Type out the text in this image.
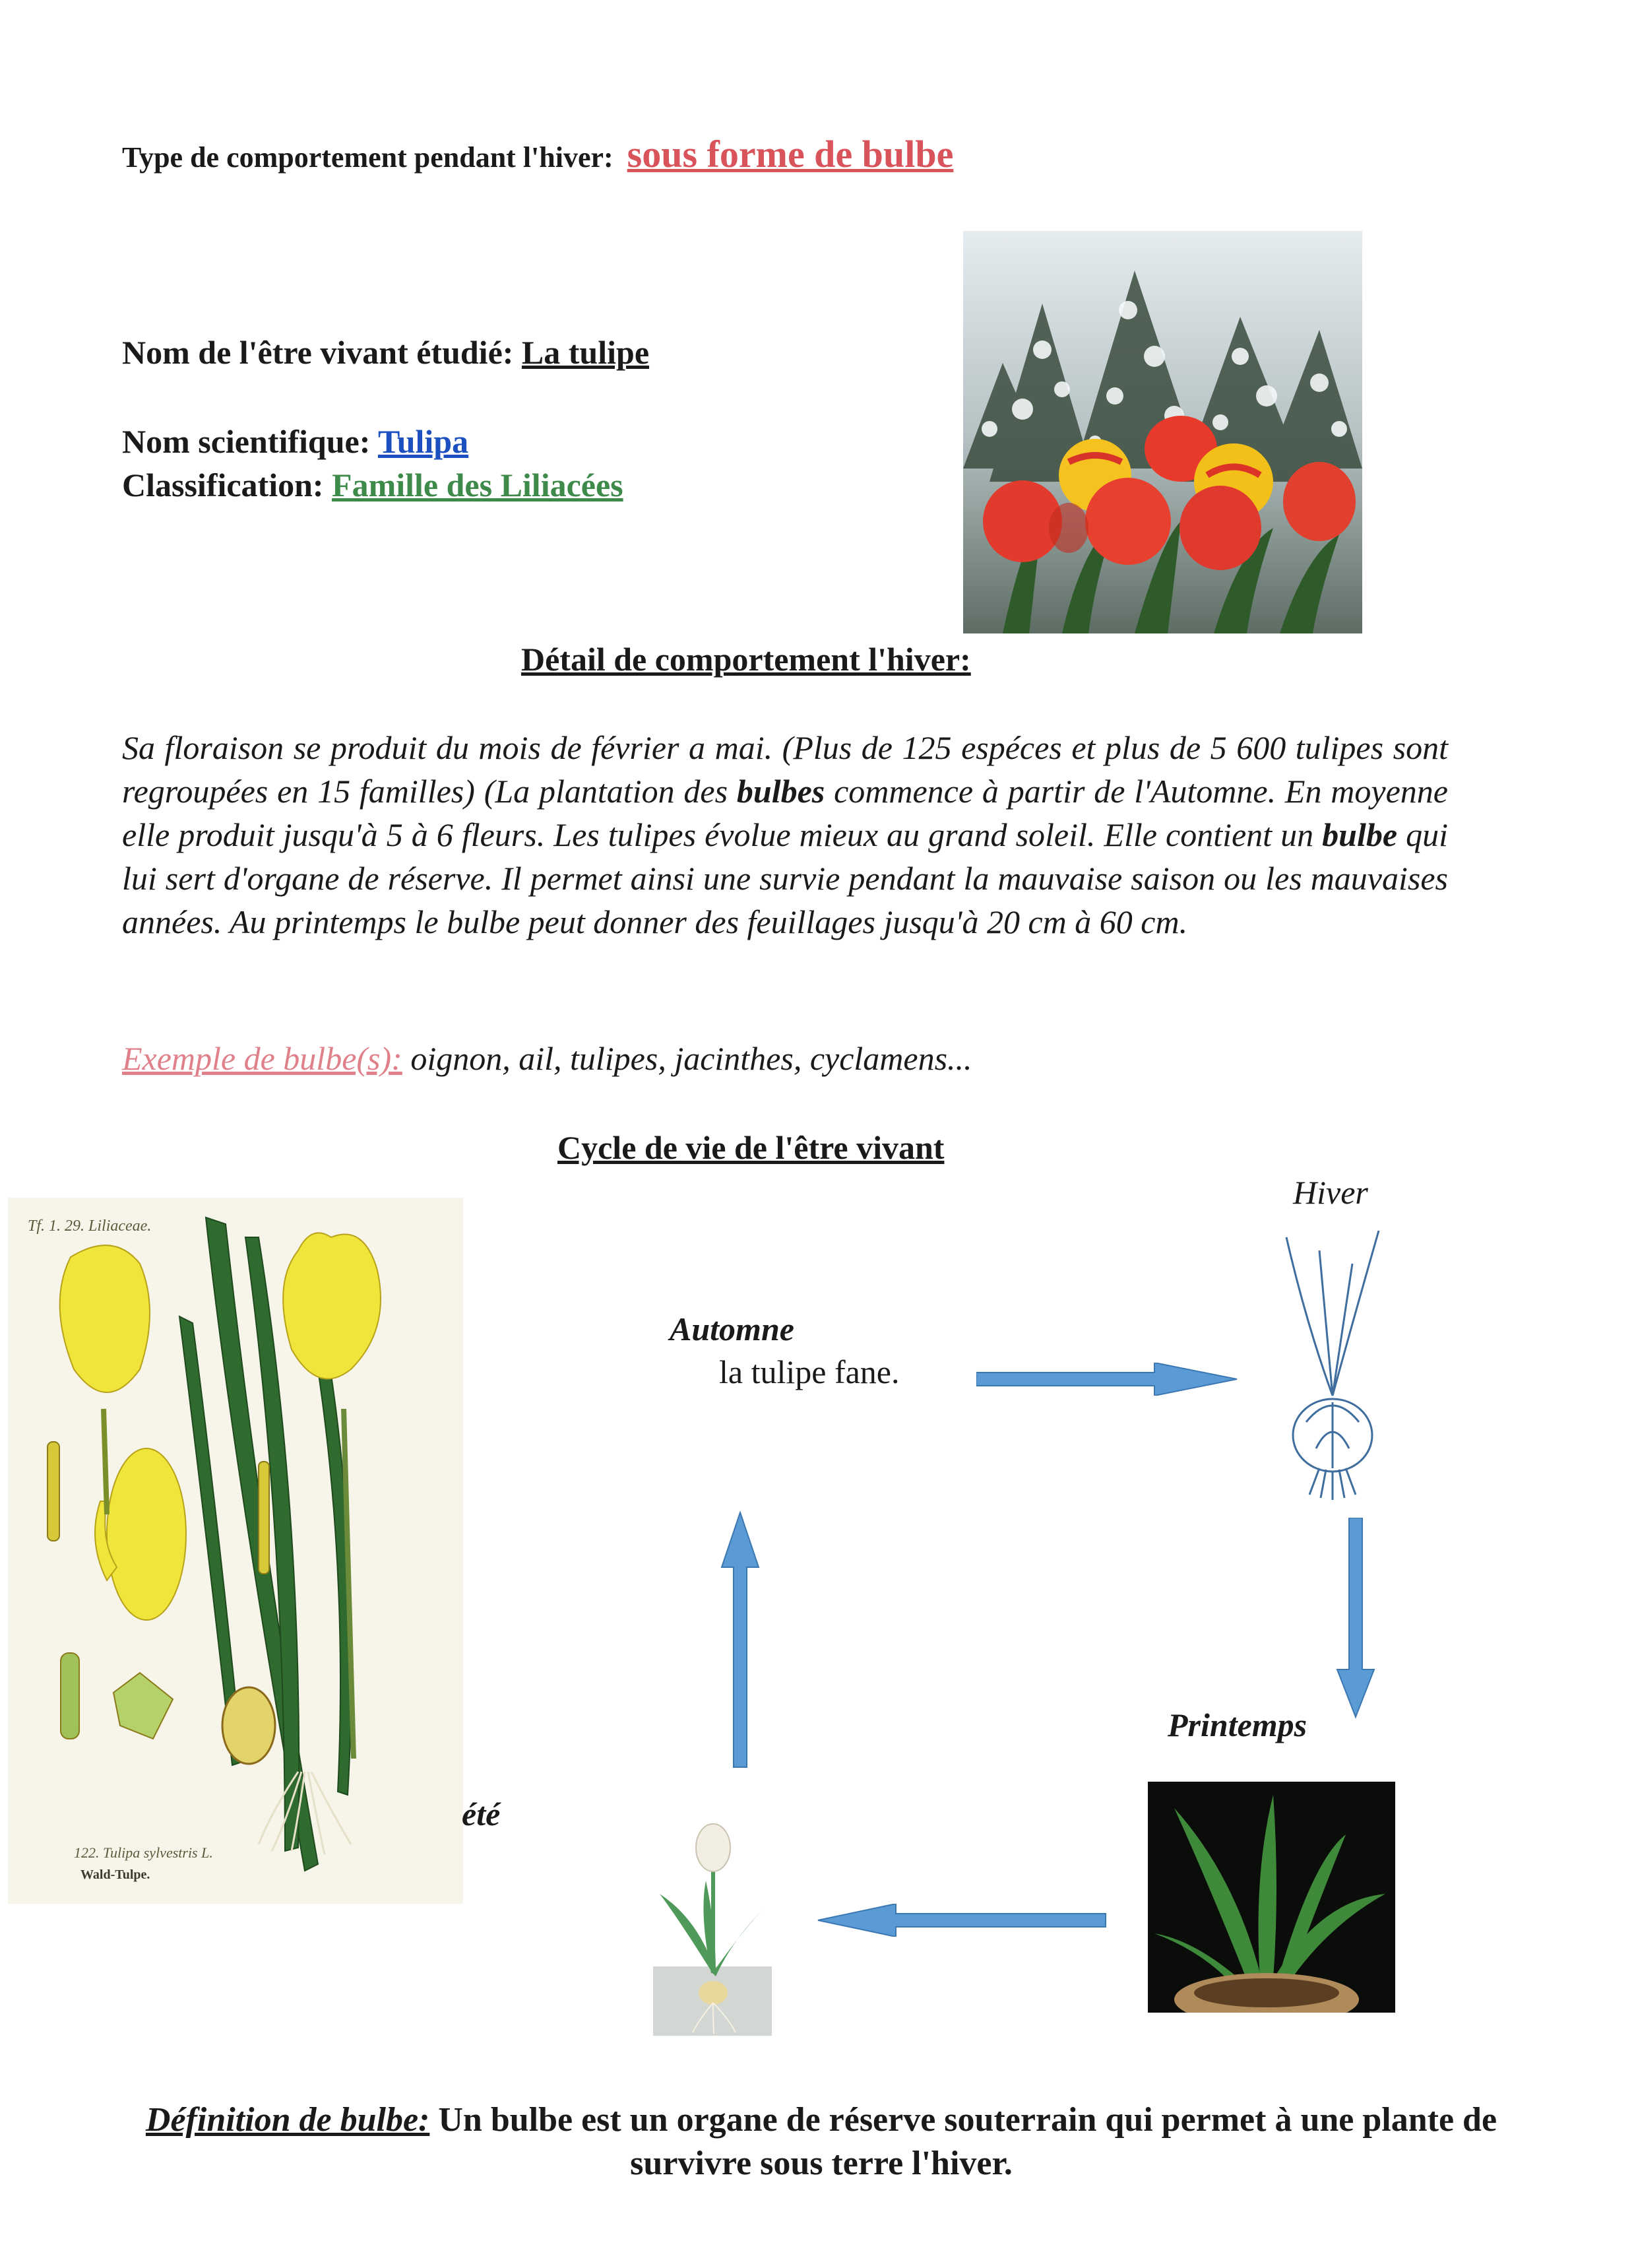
Type de comportement pendant l'hiver: sous forme de bulbe
Nom de l'être vivant étudié: La tulipe
Nom scientifique: Tulipa
Classification: Famille des Liliacées
Détail de comportement l'hiver:
Sa floraison se produit du mois de février a mai. (Plus de 125 espéces et plus de 5 600 tulipes sont regroupées en 15 familles) (La plantation des bulbes commence à partir de l'Automne. En moyenne elle produit jusqu'à 5 à 6 fleurs. Les tulipes évolue mieux au grand soleil. Elle contient un bulbe qui lui sert d'organe de réserve. Il permet ainsi une survie pendant la mauvaise saison ou les mauvaises années. Au printemps le bulbe peut donner des feuillages jusqu'à 20 cm à 60 cm.
Exemple de bulbe(s): oignon, ail, tulipes, jacinthes, cyclamens...
Cycle de vie de l'être vivant
Tf. 1. 29. Liliaceae.
122. Tulipa sylvestris L.
Wald-Tulpe.
Automne
la tulipe fane.
Hiver
Printemps
été
Définition de bulbe: Un bulbe est un organe de réserve souterrain qui permet à une plante de survivre sous terre l'hiver.
